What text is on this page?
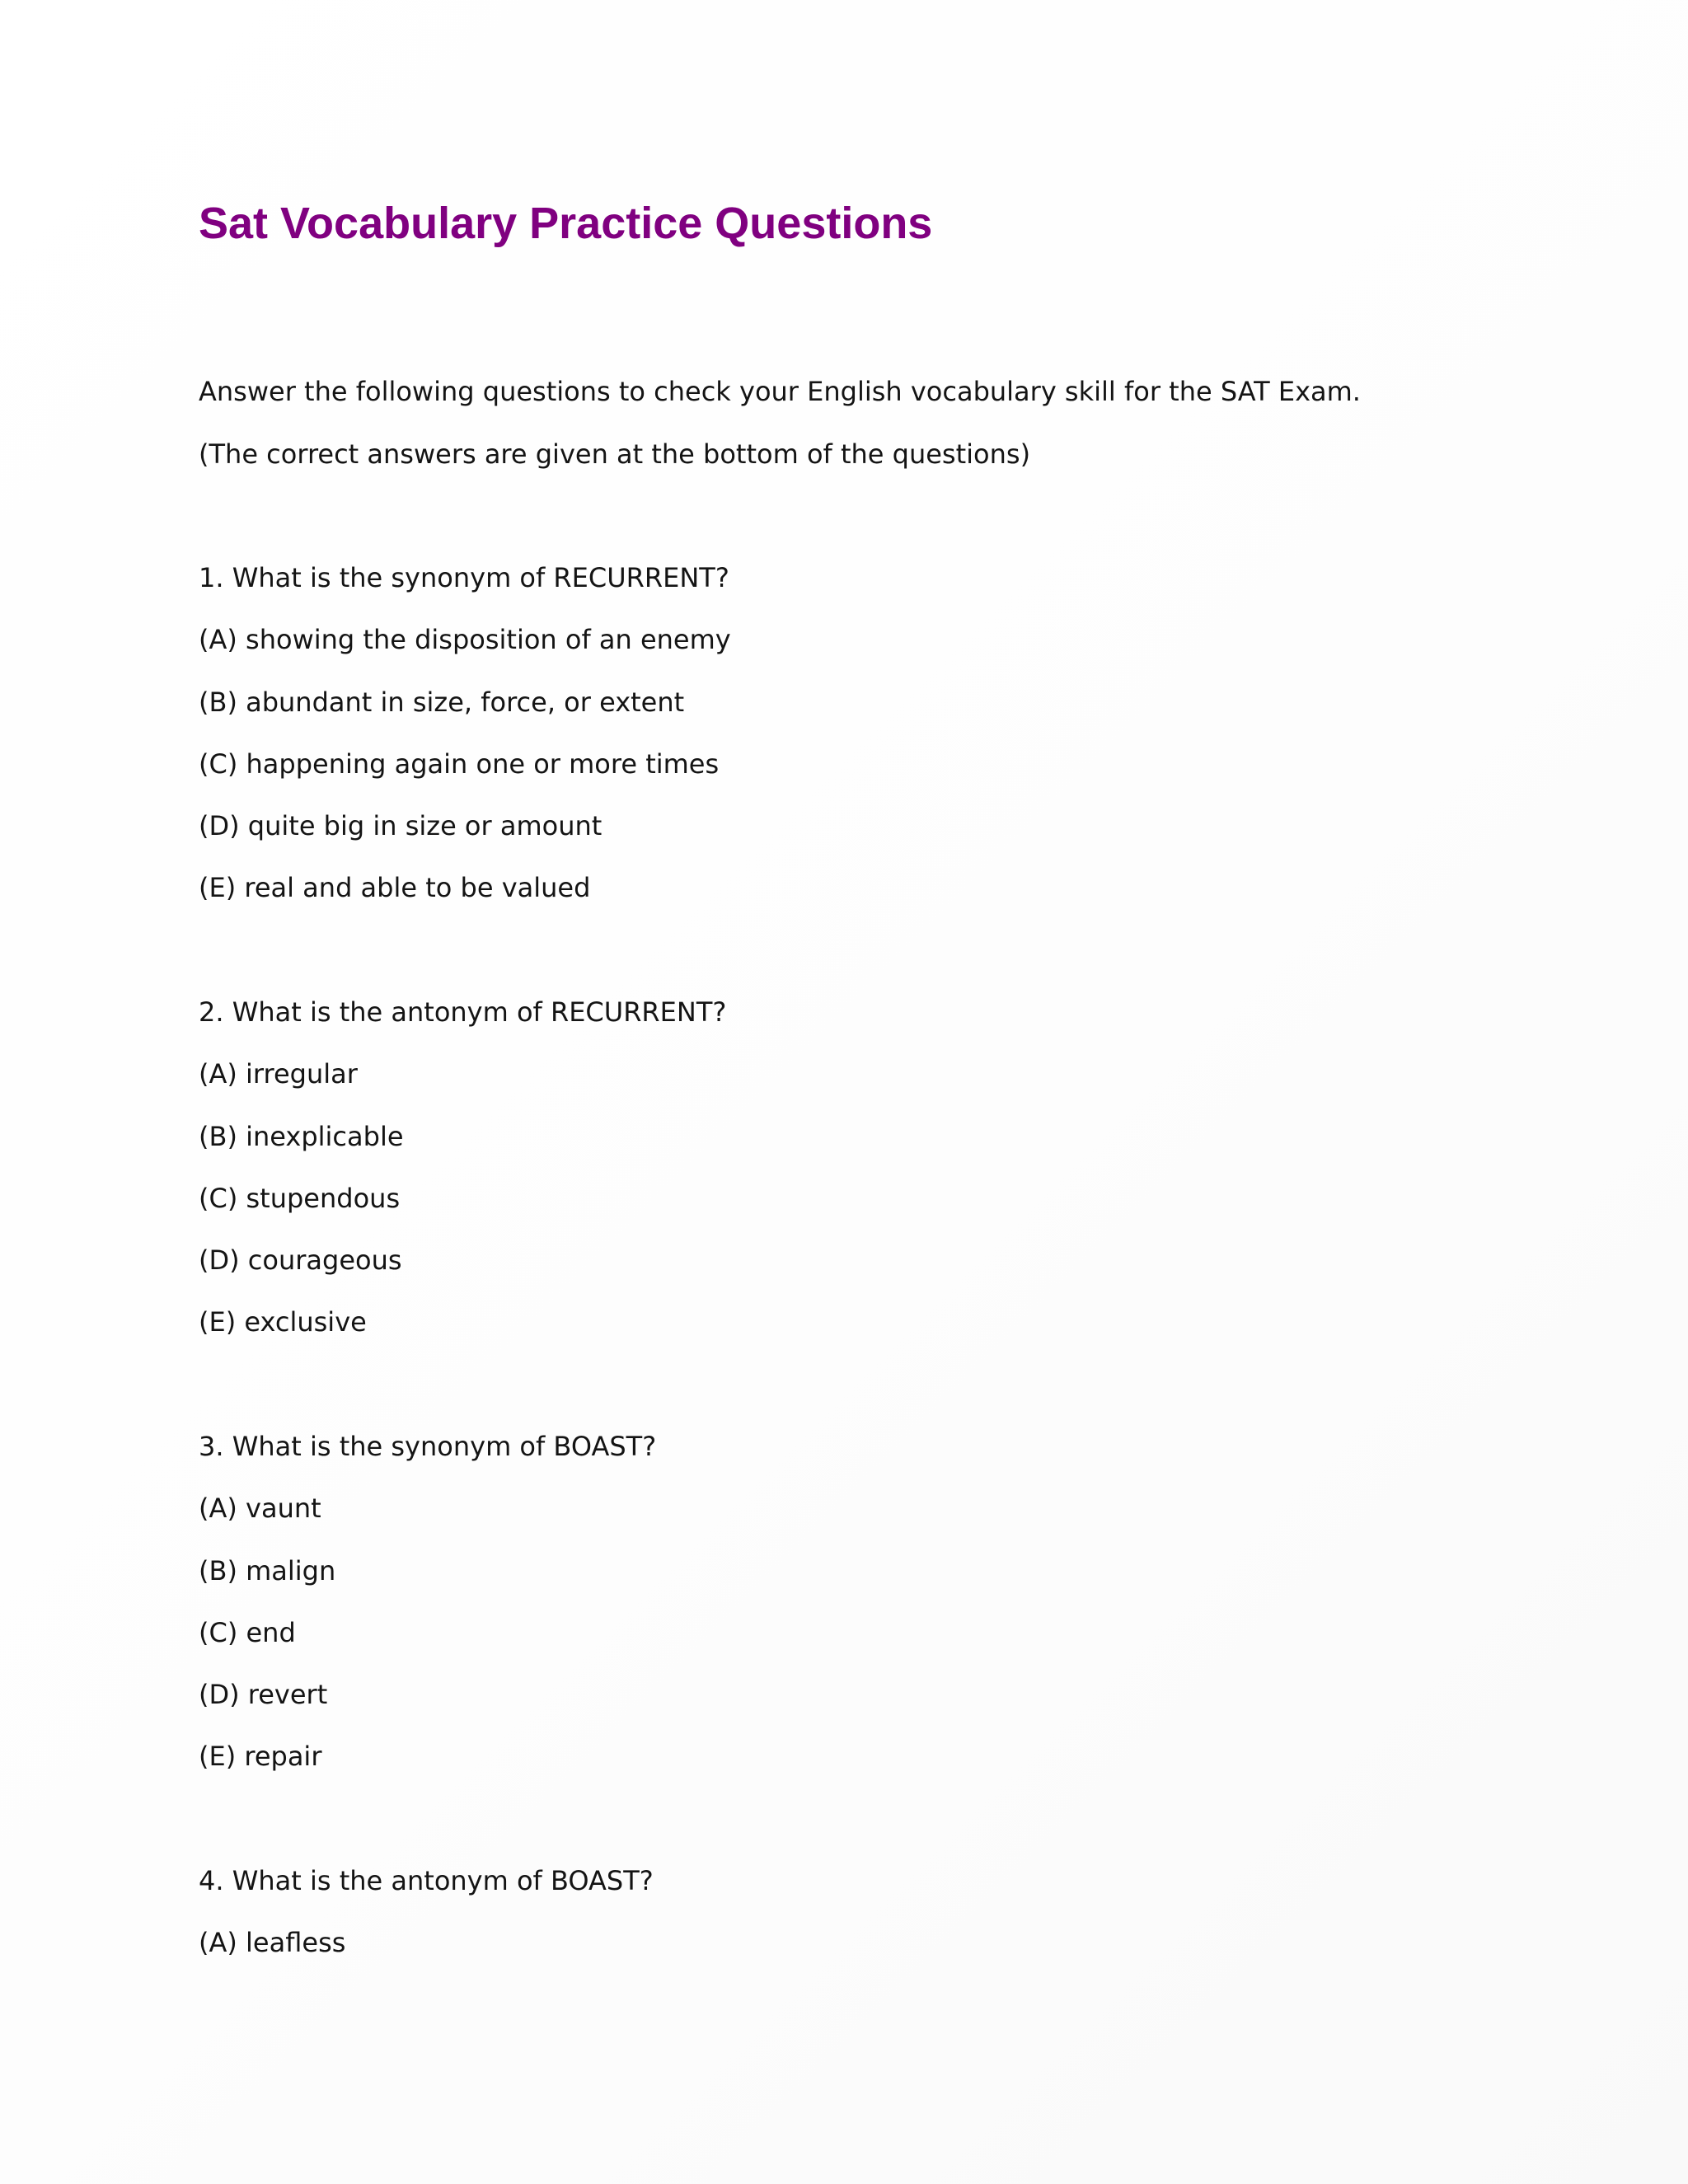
Sat Vocabulary Practice Questions

Answer the following questions to check your English vocabulary skill for the SAT Exam.

(The correct answers are given at the bottom of the questions)

1. What is the synonym of RECURRENT?

(A) showing the disposition of an enemy

(B) abundant in size, force, or extent

(C) happening again one or more times

(D) quite big in size or amount

(E) real and able to be valued

2. What is the antonym of RECURRENT?

(A) irregular

(B) inexplicable

(C) stupendous

(D) courageous

(E) exclusive

3. What is the synonym of BOAST?

(A) vaunt

(B) malign

(C) end

(D) revert

(E) repair

4. What is the antonym of BOAST?

(A) leafless
